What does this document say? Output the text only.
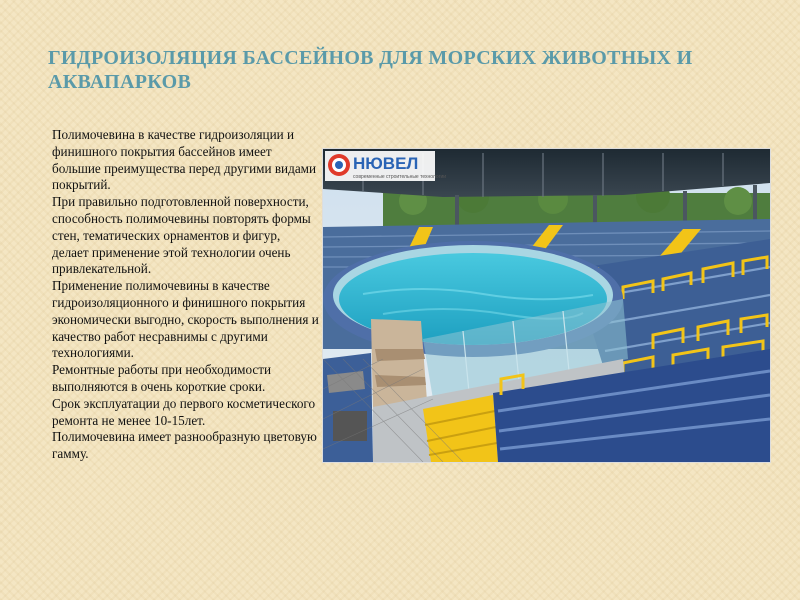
ГИДРОИЗОЛЯЦИЯ БАССЕЙНОВ ДЛЯ МОРСКИХ ЖИВОТНЫХ И АКВАПАРКОВ

Полимочевина в качестве гидроизоляции и финишного покрытия бассейнов имеет большие преимущества перед другими видами покрытий.

При правильно подготовленной поверхности, способность полимочевины повторять формы стен, тематических орнаментов и фигур, делает применение этой технологии очень привлекательной.

Применение полимочевины в качестве гидроизоляционного и финишного покрытия экономически выгодно, скорость выполнения и качество работ несравнимы с другими технологиями.

Ремонтные работы при необходимости выполняются в очень короткие сроки.

Срок эксплуатации до первого косметического ремонта не менее 10-15лет.

Полимочевина имеет разнообразную цветовую гамму.

НЮВЕЛ
современные строительные технологии
